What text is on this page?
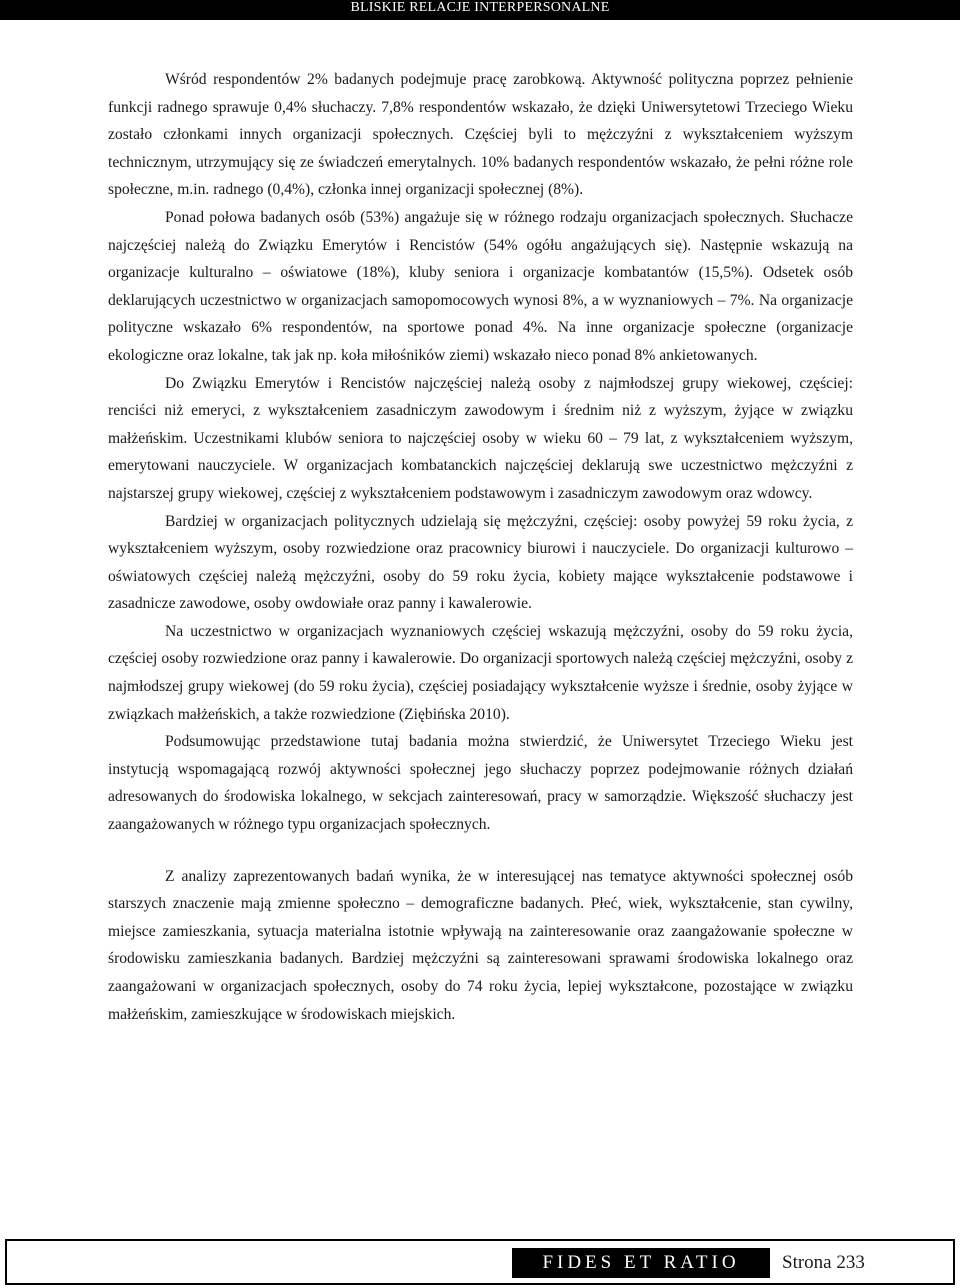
BLISKIE RELACJE INTERPERSONALNE

Wśród respondentów 2% badanych podejmuje pracę zarobkową. Aktywność polityczna poprzez pełnienie funkcji radnego sprawuje 0,4% słuchaczy. 7,8% respondentów wskazało, że dzięki Uniwersytetowi Trzeciego Wieku zostało członkami innych organizacji społecznych. Częściej byli to mężczyźni z wykształceniem wyższym technicznym, utrzymujący się ze świadczeń emerytalnych. 10% badanych respondentów wskazało, że pełni różne role społeczne, m.in. radnego (0,4%), członka innej organizacji społecznej (8%).

Ponad połowa badanych osób (53%) angażuje się w różnego rodzaju organizacjach społecznych. Słuchacze najczęściej należą do Związku Emerytów i Rencistów (54% ogółu angażujących się). Następnie wskazują na organizacje kulturalno – oświatowe (18%), kluby seniora i organizacje kombatantów (15,5%). Odsetek osób deklarujących uczestnictwo w organizacjach samopomocowych wynosi 8%, a w wyznaniowych – 7%. Na organizacje polityczne wskazało 6% respondentów, na sportowe ponad 4%. Na inne organizacje społeczne (organizacje ekologiczne oraz lokalne, tak jak np. koła miłośników ziemi) wskazało nieco ponad 8% ankietowanych.

Do Związku Emerytów i Rencistów najczęściej należą osoby z najmłodszej grupy wiekowej, częściej: renciści niż emeryci, z wykształceniem zasadniczym zawodowym i średnim niż z wyższym, żyjące w związku małżeńskim. Uczestnikami klubów seniora to najczęściej osoby w wieku 60 – 79 lat, z wykształceniem wyższym, emerytowani nauczyciele. W organizacjach kombatanckich najczęściej deklarują swe uczestnictwo mężczyźni z najstarszej grupy wiekowej, częściej z wykształceniem podstawowym i zasadniczym zawodowym oraz wdowcy.

Bardziej w organizacjach politycznych udzielają się mężczyźni, częściej: osoby powyżej 59 roku życia, z wykształceniem wyższym, osoby rozwiedzione oraz pracownicy biurowi i nauczyciele. Do organizacji kulturowo – oświatowych częściej należą mężczyźni, osoby do 59 roku życia, kobiety mające wykształcenie podstawowe i zasadnicze zawodowe, osoby owdowiałe oraz panny i kawalerowie.

Na uczestnictwo w organizacjach wyznaniowych częściej wskazują mężczyźni, osoby do 59 roku życia, częściej osoby rozwiedzione oraz panny i kawalerowie. Do organizacji sportowych należą częściej mężczyźni, osoby z najmłodszej grupy wiekowej (do 59 roku życia), częściej posiadający wykształcenie wyższe i średnie, osoby żyjące w związkach małżeńskich, a także rozwiedzione (Ziębińska 2010).

Podsumowując przedstawione tutaj badania można stwierdzić, że Uniwersytet Trzeciego Wieku jest instytucją wspomagającą rozwój aktywności społecznej jego słuchaczy poprzez podejmowanie różnych działań adresowanych do środowiska lokalnego, w sekcjach zainteresowań, pracy w samorządzie. Większość słuchaczy jest zaangażowanych w różnego typu organizacjach społecznych.

Z analizy zaprezentowanych badań wynika, że w interesującej nas tematyce aktywności społecznej osób starszych znaczenie mają zmienne społeczno – demograficzne badanych. Płeć, wiek, wykształcenie, stan cywilny, miejsce zamieszkania, sytuacja materialna istotnie wpływają na zainteresowanie oraz zaangażowanie społeczne w środowisku zamieszkania badanych. Bardziej mężczyźni są zainteresowani sprawami środowiska lokalnego oraz zaangażowani w organizacjach społecznych, osoby do 74 roku życia, lepiej wykształcone, pozostające w związku małżeńskim, zamieszkujące w środowiskach miejskich.

FIDES ET RATIO	Strona 233
